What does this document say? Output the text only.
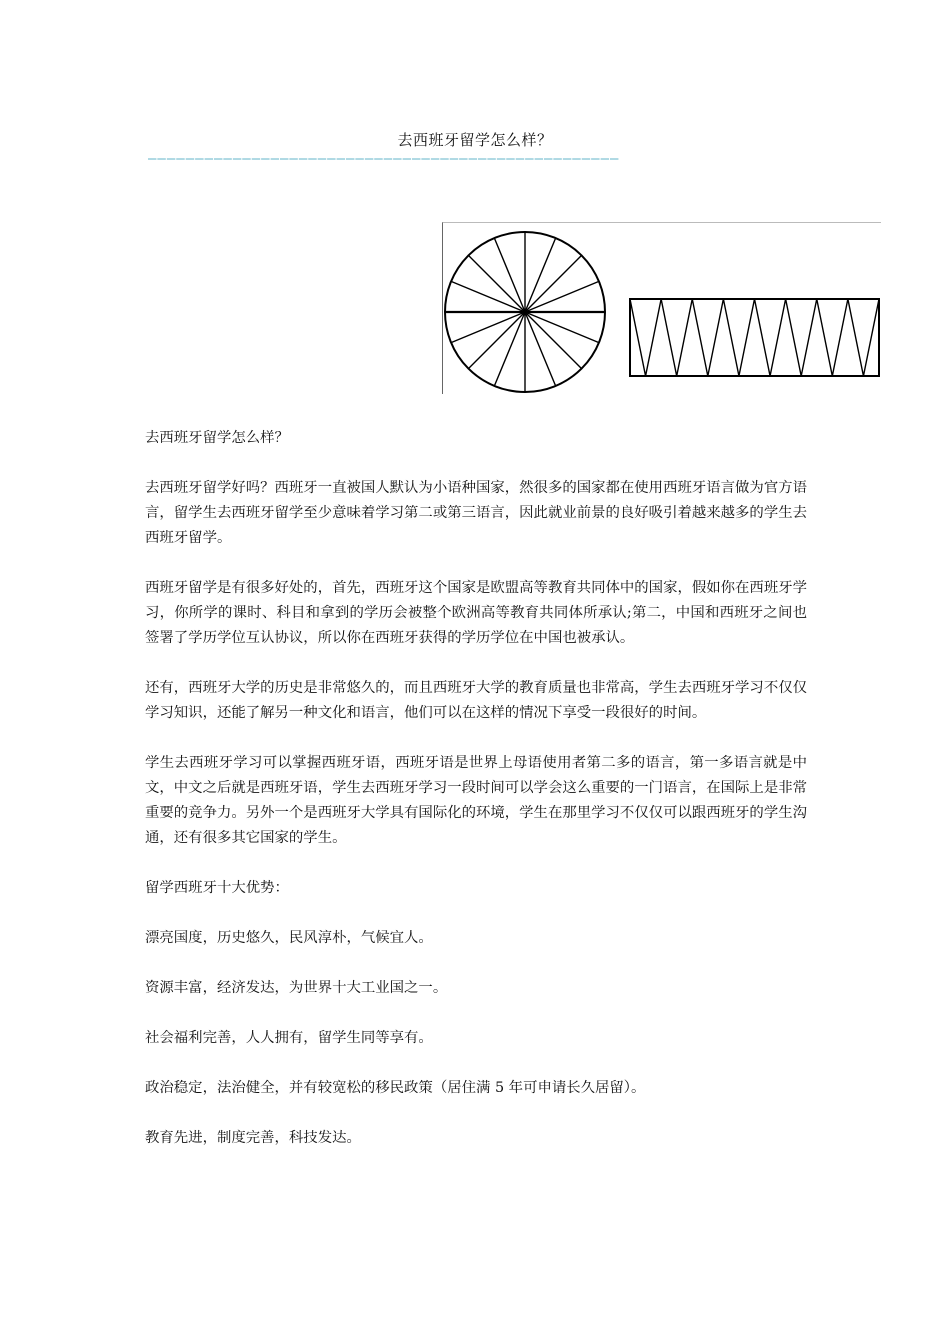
去西班牙留学怎么样？
——————————————————————————————————————————————————

去西班牙留学怎么样？

去西班牙留学好吗？西班牙一直被国人默认为小语种国家，然很多的国家都在使用西班牙语言做为官方语言，留学生去西班牙留学至少意味着学习第二或第三语言，因此就业前景的良好吸引着越来越多的学生去西班牙留学。

西班牙留学是有很多好处的，首先，西班牙这个国家是欧盟高等教育共同体中的国家，假如你在西班牙学习，你所学的课时、科目和拿到的学历会被整个欧洲高等教育共同体所承认;第二，中国和西班牙之间也签署了学历学位互认协议，所以你在西班牙获得的学历学位在中国也被承认。

还有，西班牙大学的历史是非常悠久的，而且西班牙大学的教育质量也非常高，学生去西班牙学习不仅仅学习知识，还能了解另一种文化和语言，他们可以在这样的情况下享受一段很好的时间。

学生去西班牙学习可以掌握西班牙语，西班牙语是世界上母语使用者第二多的语言，第一多语言就是中文，中文之后就是西班牙语，学生去西班牙学习一段时间可以学会这么重要的一门语言，在国际上是非常重要的竞争力。另外一个是西班牙大学具有国际化的环境，学生在那里学习不仅仅可以跟西班牙的学生沟通，还有很多其它国家的学生。

留学西班牙十大优势：

漂亮国度，历史悠久，民风淳朴，气候宜人。

资源丰富，经济发达，为世界十大工业国之一。

社会福利完善，人人拥有，留学生同等享有。

政治稳定，法治健全，并有较宽松的移民政策（居住满 5 年可申请长久居留）。

教育先进，制度完善，科技发达。
